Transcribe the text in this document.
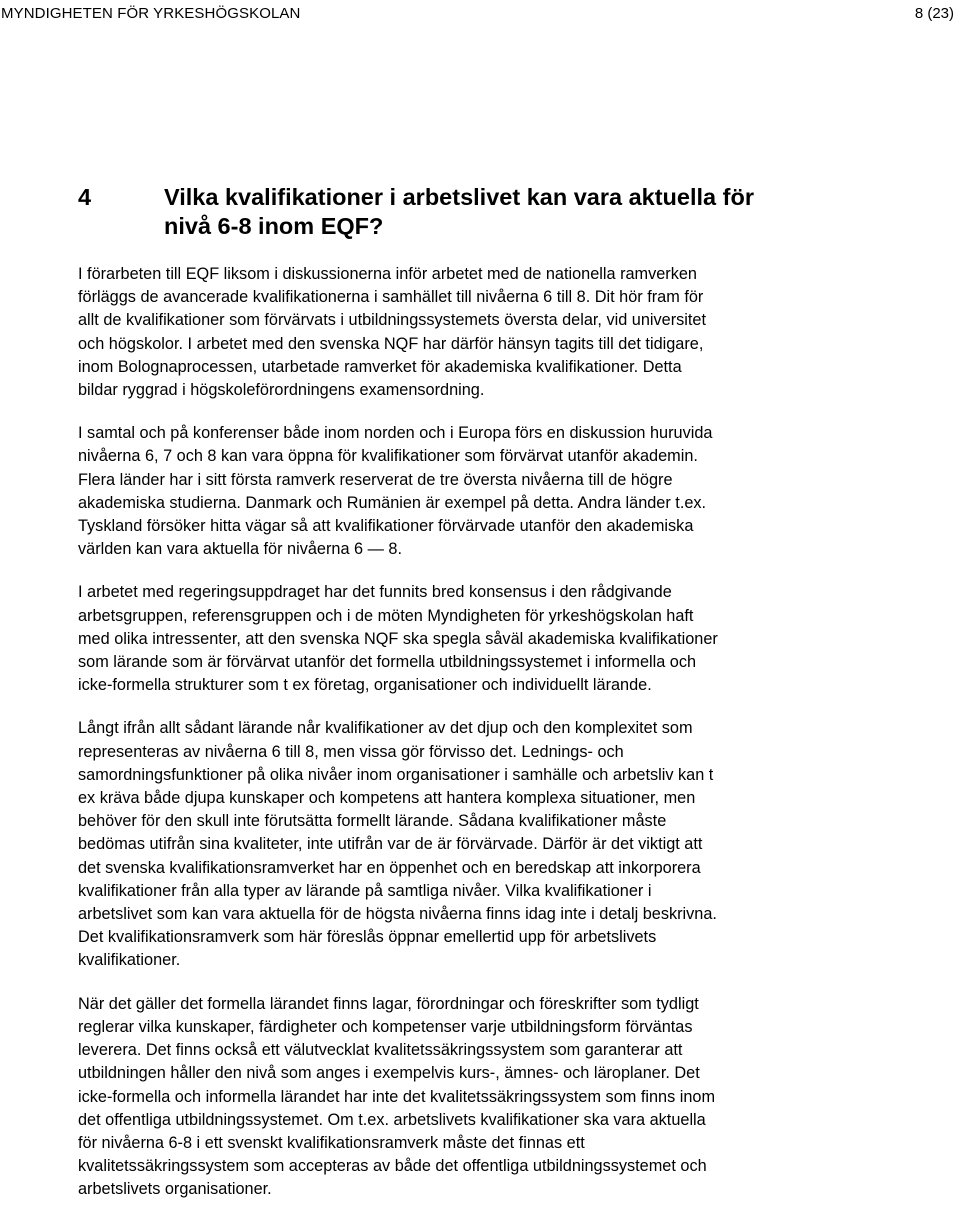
MYNDIGHETEN FÖR YRKESHÖGSKOLAN	8 (23)
4	Vilka kvalifikationer i arbetslivet kan vara aktuella för
nivå 6-8 inom EQF?

I förarbeten till EQF liksom i diskussionerna inför arbetet med de nationella ramverken
förläggs de avancerade kvalifikationerna i samhället till nivåerna 6 till 8. Dit hör fram för
allt de kvalifikationer som förvärvats i utbildningssystemets översta delar, vid universitet
och högskolor. I arbetet med den svenska NQF har därför hänsyn tagits till det tidigare,
inom Bolognaprocessen, utarbetade ramverket för akademiska kvalifikationer. Detta
bildar ryggrad i högskoleförordningens examensordning.

I samtal och på konferenser både inom norden och i Europa förs en diskussion huruvida
nivåerna 6, 7 och 8 kan vara öppna för kvalifikationer som förvärvat utanför akademin.
Flera länder har i sitt första ramverk reserverat de tre översta nivåerna till de högre
akademiska studierna. Danmark och Rumänien är exempel på detta. Andra länder t.ex.
Tyskland försöker hitta vägar så att kvalifikationer förvärvade utanför den akademiska
världen kan vara aktuella för nivåerna 6 — 8.

I arbetet med regeringsuppdraget har det funnits bred konsensus i den rådgivande
arbetsgruppen, referensgruppen och i de möten Myndigheten för yrkeshögskolan haft
med olika intressenter, att den svenska NQF ska spegla såväl akademiska kvalifikationer
som lärande som är förvärvat utanför det formella utbildningssystemet i informella och
icke-formella strukturer som t ex företag, organisationer och individuellt lärande.

Långt ifrån allt sådant lärande når kvalifikationer av det djup och den komplexitet som
representeras av nivåerna 6 till 8, men vissa gör förvisso det. Lednings- och
samordningsfunktioner på olika nivåer inom organisationer i samhälle och arbetsliv kan t
ex kräva både djupa kunskaper och kompetens att hantera komplexa situationer, men
behöver för den skull inte förutsätta formellt lärande. Sådana kvalifikationer måste
bedömas utifrån sina kvaliteter, inte utifrån var de är förvärvade. Därför är det viktigt att
det svenska kvalifikationsramverket har en öppenhet och en beredskap att inkorporera
kvalifikationer från alla typer av lärande på samtliga nivåer. Vilka kvalifikationer i
arbetslivet som kan vara aktuella för de högsta nivåerna finns idag inte i detalj beskrivna.
Det kvalifikationsramverk som här föreslås öppnar emellertid upp för arbetslivets
kvalifikationer.

När det gäller det formella lärandet finns lagar, förordningar och föreskrifter som tydligt
reglerar vilka kunskaper, färdigheter och kompetenser varje utbildningsform förväntas
leverera. Det finns också ett välutvecklat kvalitetssäkringssystem som garanterar att
utbildningen håller den nivå som anges i exempelvis kurs-, ämnes- och läroplaner. Det
icke-formella och informella lärandet har inte det kvalitetssäkringssystem som finns inom
det offentliga utbildningssystemet. Om t.ex. arbetslivets kvalifikationer ska vara aktuella
för nivåerna 6-8 i ett svenskt kvalifikationsramverk måste det finnas ett
kvalitetssäkringssystem som accepteras av både det offentliga utbildningssystemet och
arbetslivets organisationer.
